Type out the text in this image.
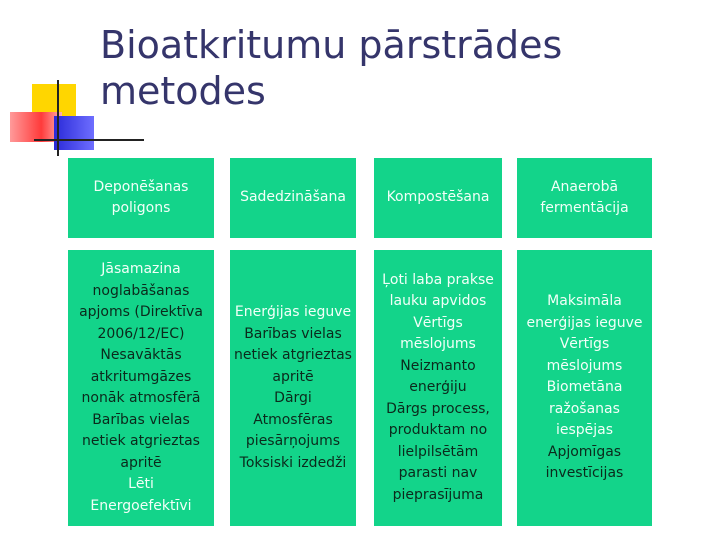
Bioatkritumu pārstrādes
metodes
Deponēšanas
poligons
Sadedzināšana	Kompostēšana
Anaerobā
fermentācija
Jāsamazina
noglabāšanas
apjoms (Direktīva
2006/12/EC)
Nesavāktās
atkritumgāzes
nonāk atmosfērā
Barības vielas
netiek atgrieztas
apritē
Lēti
Energoefektīvi
Enerģijas ieguve
Barības vielas
netiek atgrieztas
apritē
Dārgi
Atmosfēras
piesārņojums
Toksiski izdedži
Ļoti laba prakse
lauku apvidos
Vērtīgs
mēslojums
Neizmanto
enerģiju
Dārgs process,
produktam no
lielpilsētām
parasti nav
pieprasījuma
Maksimāla
enerģijas ieguve
Vērtīgs
mēslojums
Biometāna
ražošanas
iespējas
Apjomīgas
investīcijas
